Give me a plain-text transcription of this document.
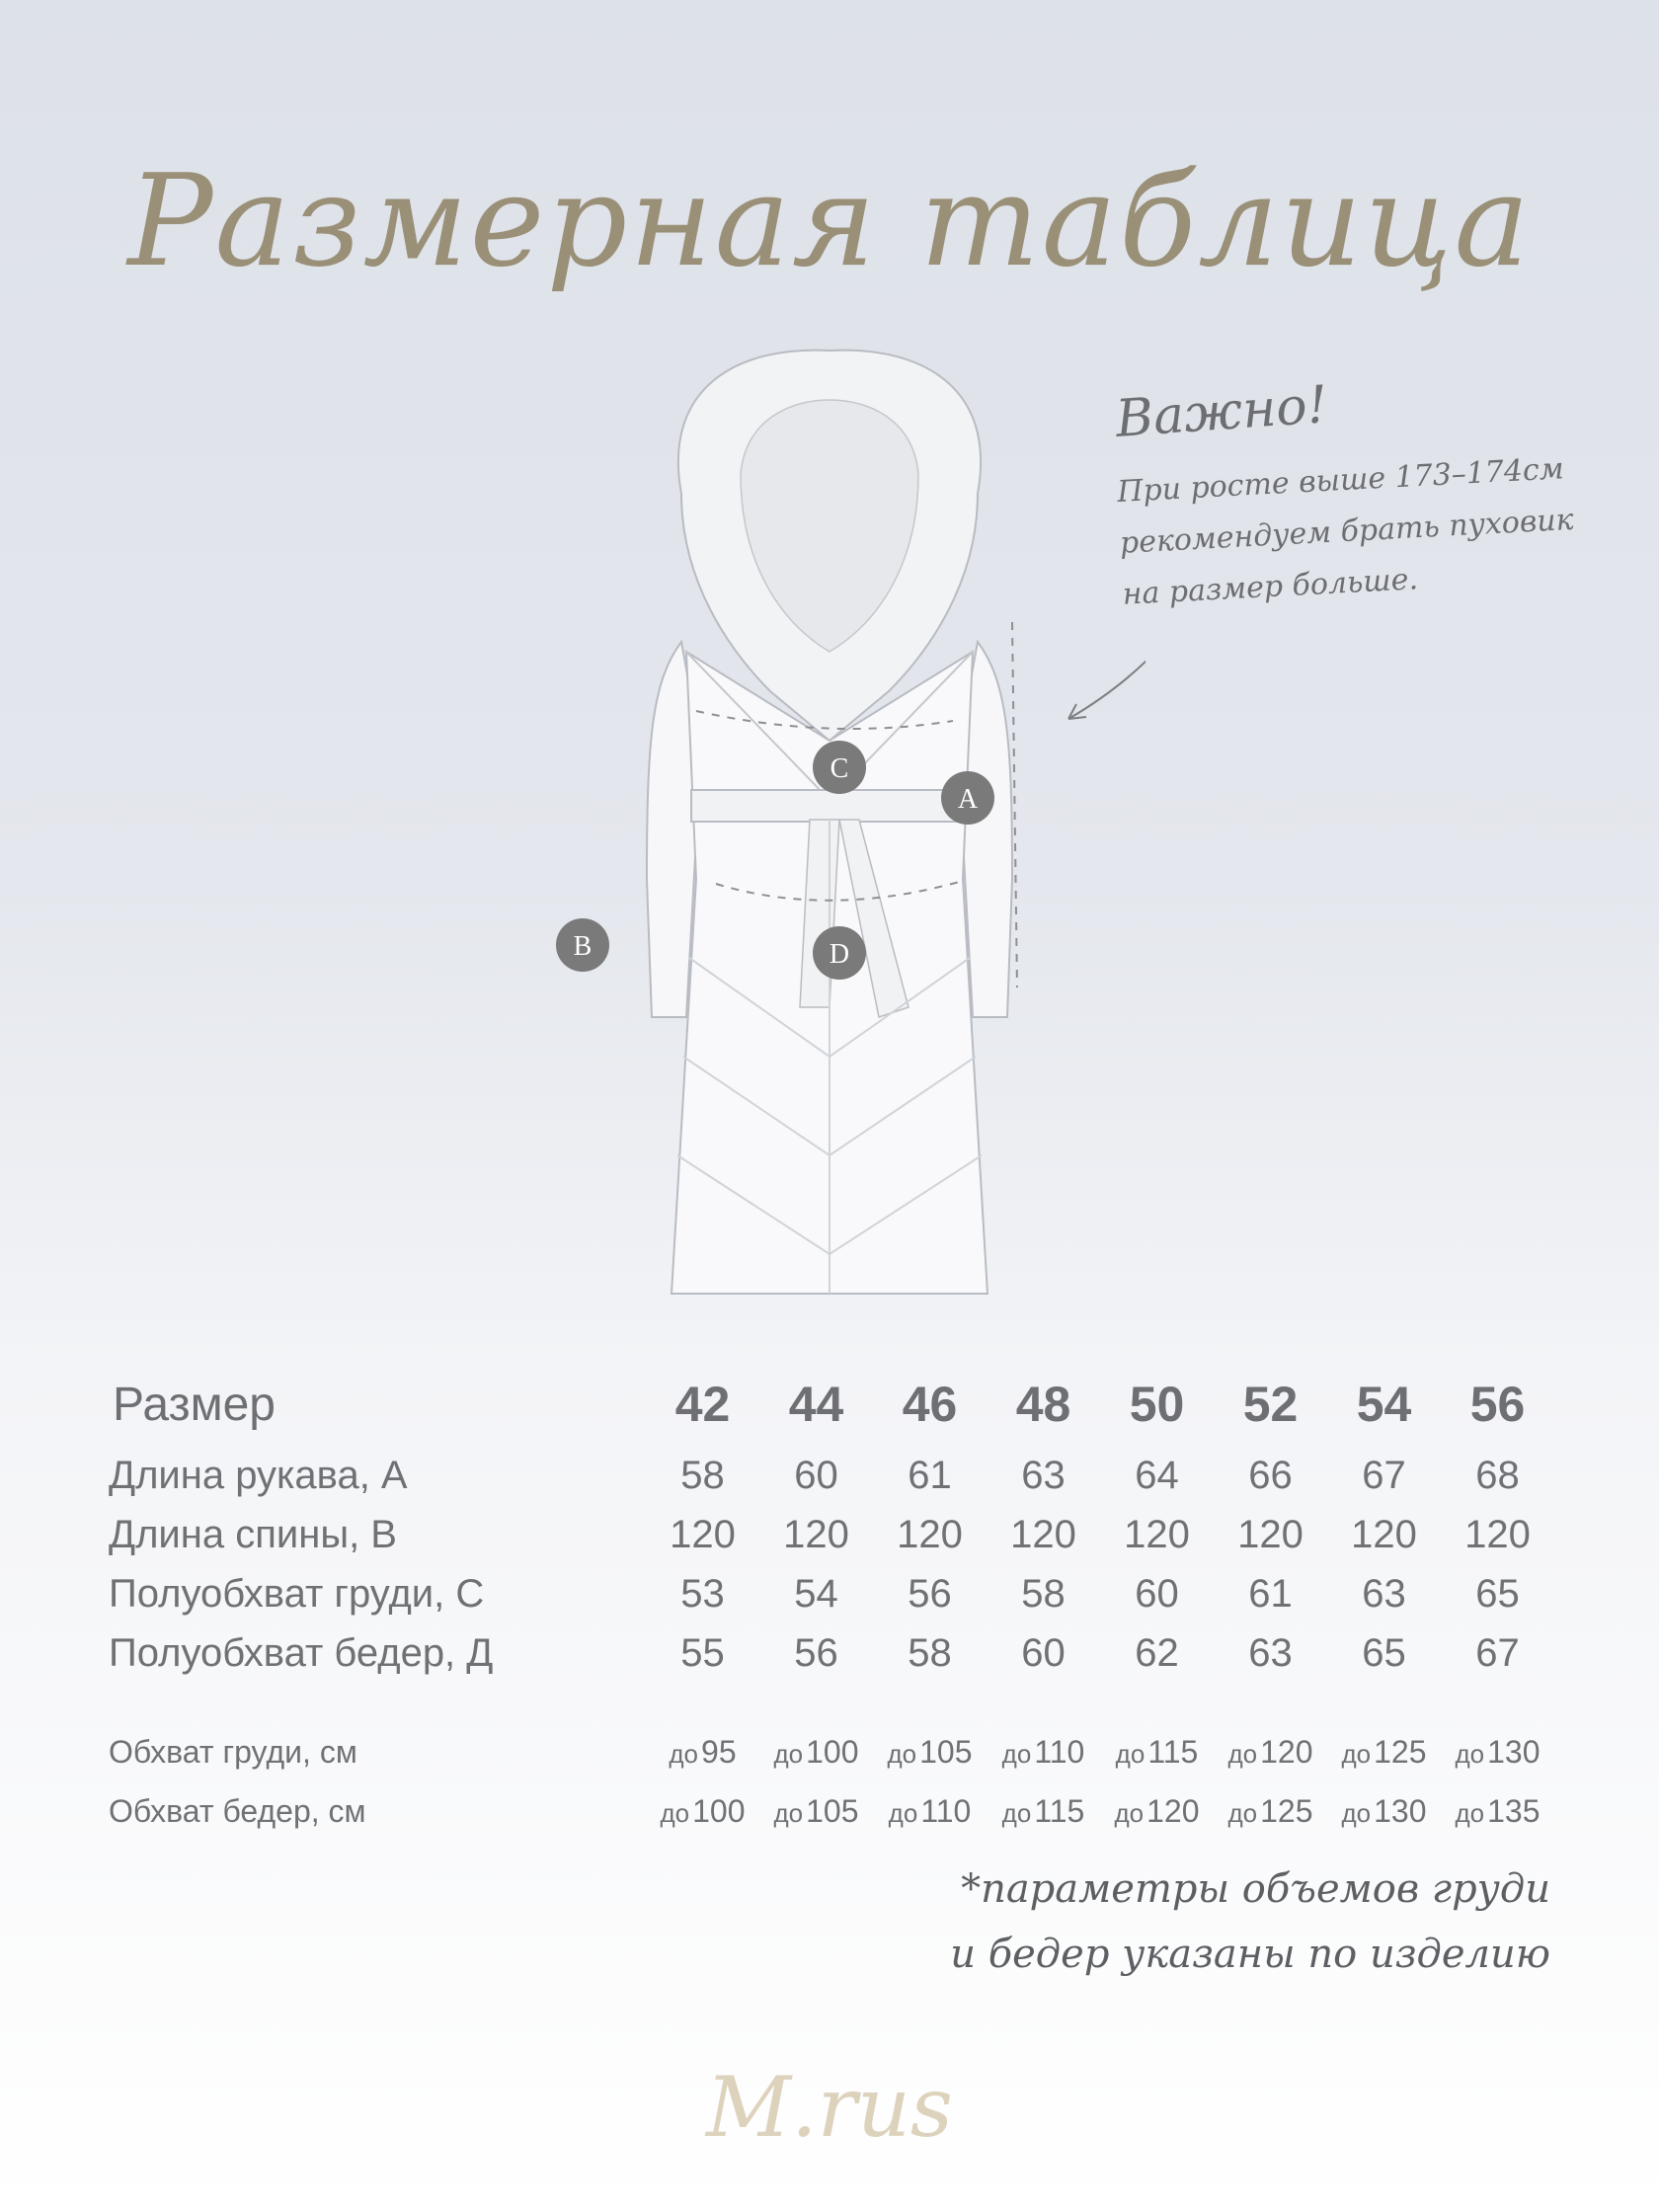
Размерная таблица
A
B
C
D
Важно!
При росте выше 173–174см
рекомендуем брать пуховик
на размер больше.
Размер	42	44	46	48	50	52	54	56
Длина рукава, А	58	60	61	63	64	66	67	68
Длина спины, В	120	120	120	120	120	120	120	120
Полуобхват груди, С	53	54	56	58	60	61	63	65
Полуобхват бедер, Д	55	56	58	60	62	63	65	67

Обхват груди, см	до95	до100	до105	до110	до115	до120	до125	до130
Обхват бедер, см	до100	до105	до110	до115	до120	до125	до130	до135
*параметры объемов груди
и бедер указаны по изделию
M.rus
